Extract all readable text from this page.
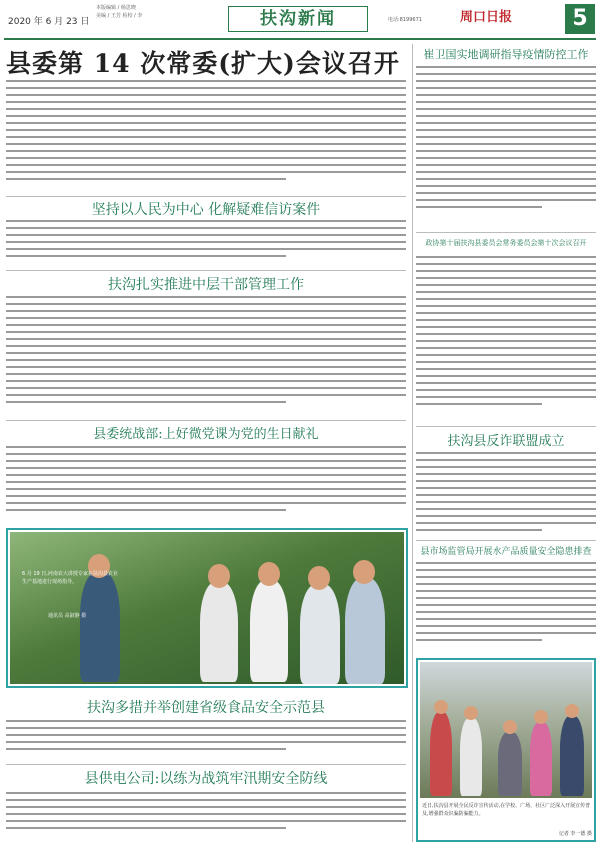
2020 年 6 月 23 日
本版编辑 / 杨思晓
美编 / 王芳 检校 / 李	扶沟新闻	电话:8199671	周口日报	5
县委第 14 次常委(扩大)会议召开
坚持以人民为中心 化解疑难信访案件
扶沟扎实推进中层干部管理工作
县委统战部:上好微党课为党的生日献礼
6 月 19 日,河南农大讲授专家在扶沟县农业生产基地进行现场指导。
通讯员 高淑静 摄
扶沟多措并举创建省级食品安全示范县
县供电公司:以练为战筑牢汛期安全防线
崔卫国实地调研指导疫情防控工作
政协第十届扶沟县委员会常务委员会第十次会议召开
扶沟县反诈联盟成立
县市场监管局开展水产品质量安全隐患排查
近日,扶沟县开展全民反诈宣传活动,在学校、广场、社区广泛深入开展宣传普及,增强群众识骗防骗能力。
记者 李一德 摄
